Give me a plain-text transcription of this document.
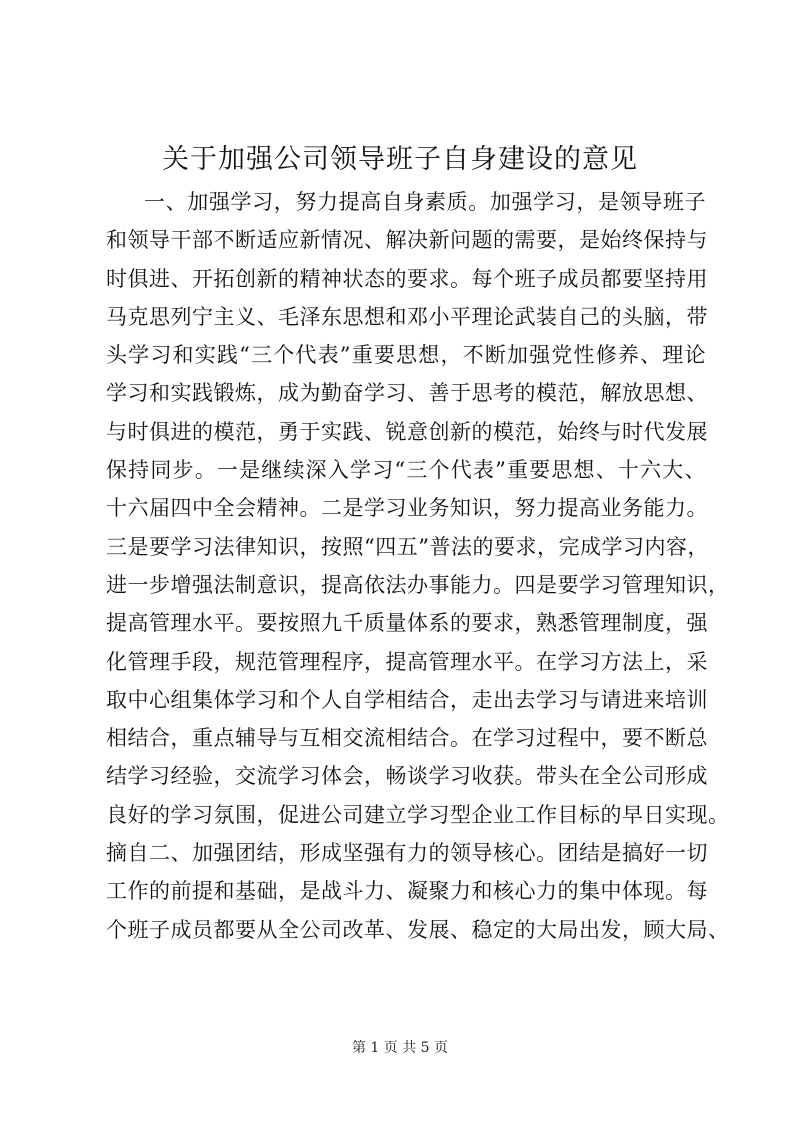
关于加强公司领导班子自身建设的意见
一、加强学习，努力提高自身素质。加强学习，是领导班子
和领导干部不断适应新情况、解决新问题的需要，是始终保持与
时俱进、开拓创新的精神状态的要求。每个班子成员都要坚持用
马克思列宁主义、毛泽东思想和邓小平理论武装自己的头脑，带
头学习和实践“三个代表”重要思想，不断加强党性修养、理论
学习和实践锻炼，成为勤奋学习、善于思考的模范，解放思想、
与时俱进的模范，勇于实践、锐意创新的模范，始终与时代发展
保持同步。一是继续深入学习“三个代表”重要思想、十六大、
十六届四中全会精神。二是学习业务知识，努力提高业务能力。
三是要学习法律知识，按照“四五”普法的要求，完成学习内容，
进一步增强法制意识，提高依法办事能力。四是要学习管理知识，
提高管理水平。要按照九千质量体系的要求，熟悉管理制度，强
化管理手段，规范管理程序，提高管理水平。在学习方法上，采
取中心组集体学习和个人自学相结合，走出去学习与请进来培训
相结合，重点辅导与互相交流相结合。在学习过程中，要不断总
结学习经验，交流学习体会，畅谈学习收获。带头在全公司形成
良好的学习氛围，促进公司建立学习型企业工作目标的早日实现。
摘自二、加强团结，形成坚强有力的领导核心。团结是搞好一切
工作的前提和基础，是战斗力、凝聚力和核心力的集中体现。每
个班子成员都要从全公司改革、发展、稳定的大局出发，顾大局、
第 1 页 共 5 页
